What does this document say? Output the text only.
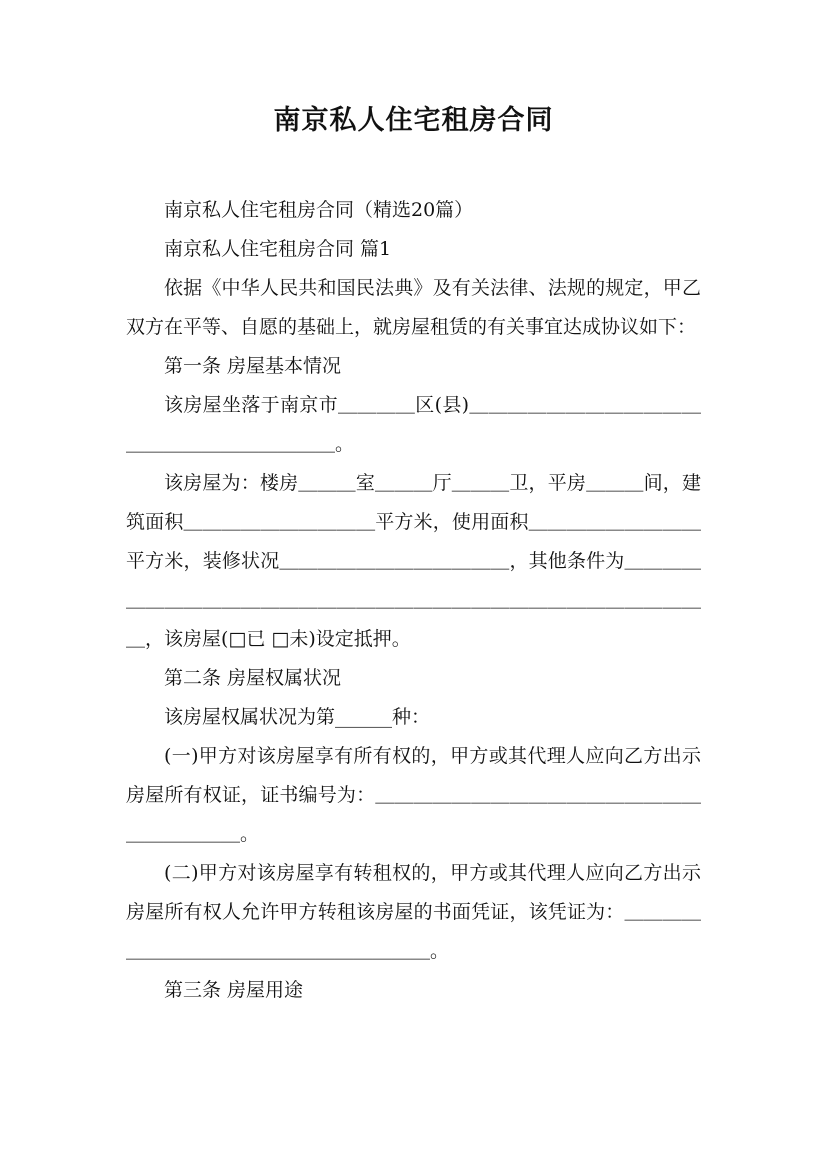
南京私人住宅租房合同

南京私人住宅租房合同（精选20篇）

南京私人住宅租房合同 篇1

依据《中华人民共和国民法典》及有关法律、法规的规定，甲乙双方在平等、自愿的基础上，就房屋租赁的有关事宜达成协议如下：

第一条 房屋基本情况

该房屋坐落于南京市＿＿＿＿区(县)＿＿＿＿＿＿＿＿＿＿＿＿＿＿＿＿＿＿＿＿＿＿＿。

该房屋为：楼房＿＿＿室＿＿＿厅＿＿＿卫，平房＿＿＿间，建筑面积＿＿＿＿＿＿＿＿＿＿平方米，使用面积＿＿＿＿＿＿＿＿＿平方米，装修状况＿＿＿＿＿＿＿＿＿＿＿＿，其他条件为＿＿＿＿＿＿＿＿＿＿＿＿＿＿＿＿＿＿＿＿＿＿＿＿＿＿＿＿＿＿＿＿＿＿＿，该房屋(□已 □未)设定抵押。

第二条 房屋权属状况

该房屋权属状况为第______种：

(一)甲方对该房屋享有所有权的，甲方或其代理人应向乙方出示房屋所有权证，证书编号为：＿＿＿＿＿＿＿＿＿＿＿＿＿＿＿＿＿＿＿＿＿＿＿。

(二)甲方对该房屋享有转租权的，甲方或其代理人应向乙方出示房屋所有权人允许甲方转租该房屋的书面凭证，该凭证为：＿＿＿＿＿＿＿＿＿＿＿＿＿＿＿＿＿＿＿＿。

第三条 房屋用途
